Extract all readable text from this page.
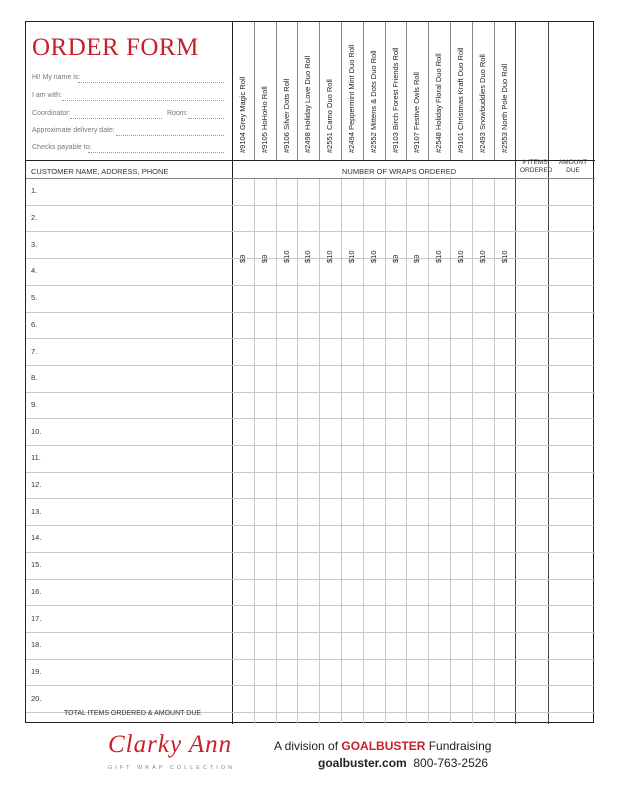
ORDER FORM
Hi! My name is:
I am with:
Coordinator:	Room:
Approximate delivery date:
Checks payable to:
CUSTOMER NAME, ADDRESS, PHONE	NUMBER OF WRAPS ORDERED
# ITEMS
ORDERED
AMOUNT
DUE
#9104 Grey Magic Roll
$9
#9105 HoHoHo Roll
$9
#9106 Silver Dots Roll
$10
#2498 Holiday Love Duo Roll
$10
#2551 Camo Duo Roll
$10
#2494 Peppermint Mint Duo Roll
$10
#2552 Mittens & Dots Duo Roll
$10
#9103 Birch Forest Friends Roll
$9
#9107 Festive Owls Roll
$9
#2548 Holiday Floral Duo Roll
$10
#9101 Christmas Kraft Duo Roll
$10
#2493 Snowbuddies Duo Roll
$10
#2553 North Pole Duo Roll
$10
1.
2.
3.
4.
5.
6.
7.
8.
9.
10.
11.
12.
13.
14.
15.
16.
17.
18.
19.
20.
TOTAL ITEMS ORDERED & AMOUNT DUE
Clarky Ann
GIFT WRAP COLLECTION
A division of GOALBUSTER Fundraising
goalbuster.com 800-763-2526
